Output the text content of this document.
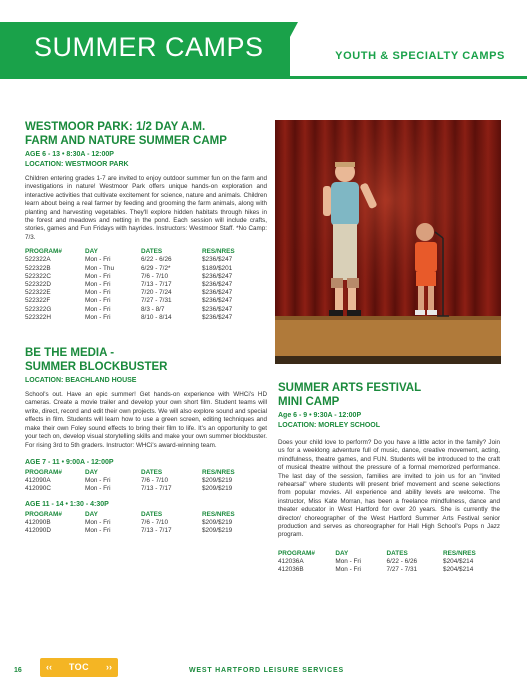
SUMMER CAMPS	YOUTH & SPECIALTY CAMPS
WESTMOOR PARK: 1/2 DAY A.M.
FARM AND NATURE SUMMER CAMP
AGE 6 - 13 • 8:30A - 12:00P
LOCATION: WESTMOOR PARK

Children entering grades 1-7 are invited to enjoy outdoor summer fun on the farm and investigations in nature! Westmoor Park offers unique hands-on exploration and interactive activities that cultivate excitement for science, nature and animals. Children learn about being a real farmer by feeding and grooming the farm animals, along with planting and harvesting vegetables. They'll explore hidden habitats through hikes in the forest and meadows and netting in the pond. Each session will include crafts, stories, games and Fun Fridays with hayrides. Instructors: Westmoor Staff. *No Camp: 7/3.

PROGRAM#	DAY	DATES	RES/NRES
522322A	Mon - Fri	6/22 - 6/26	$236/$247
522322B	Mon - Thu	6/29 - 7/2*	$189/$201
522322C	Mon - Fri	7/6 - 7/10	$236/$247
522322D	Mon - Fri	7/13 - 7/17	$236/$247
522322E	Mon - Fri	7/20 - 7/24	$236/$247
522322F	Mon - Fri	7/27 - 7/31	$236/$247
522322G	Mon - Fri	8/3 - 8/7	$236/$247
522322H	Mon - Fri	8/10 - 8/14	$236/$247
BE THE MEDIA -
SUMMER BLOCKBUSTER
LOCATION: BEACHLAND HOUSE

School's out. Have an epic summer! Get hands-on experience with WHCi's HD cameras. Create a movie trailer and develop your own short film. Student teams will write, direct, record and edit their own projects. We will also explore sound and special effects in film. Students will learn how to use a green screen, editing techniques and make their own Foley sound effects to bring their film to life. It's an opportunity to get your tech on, develop visual storytelling skills and make your own summer blockbuster. For rising 3rd to 5th graders. Instructor: WHCi's award-winning team.

AGE 7 - 11 • 9:00A - 12:00P
PROGRAM#	DAY	DATES	RES/NRES
412090A	Mon - Fri	7/6 - 7/10	$209/$219
412090C	Mon - Fri	7/13 - 7/17	$209/$219
AGE 11 - 14 • 1:30 - 4:30P
PROGRAM#	DAY	DATES	RES/NRES
412090B	Mon - Fri	7/6 - 7/10	$209/$219
412090D	Mon - Fri	7/13 - 7/17	$209/$219
SUMMER ARTS FESTIVAL
MINI CAMP
Age 6 - 9 • 9:30A - 12:00P
LOCATION: MORLEY SCHOOL

Does your child love to perform? Do you have a little actor in the family? Join us for a weeklong adventure full of music, dance, creative movement, acting, mindfulness, theatre games, and FUN. Students will be introduced to the craft of musical theatre without the pressure of a formal memorized performance. The last day of the session, families are invited to join us for an "invited rehearsal" where students will present brief movement and scene selections from popular movies. All experience and ability levels are welcome. The instructor, Miss Kate Morran, has been a freelance mindfulness, dance and theater educator in West Hartford for over 20 years. She is currently the director/ choreographer of the West Hartford Summer Arts Festival senior production and serves as choreographer for Hall High School's Pops n Jazz program.

PROGRAM#	DAY	DATES	RES/NRES
412036A	Mon - Fri	6/22 - 6/26	$204/$214
412036B	Mon - Fri	7/27 - 7/31	$204/$214
16	‹‹	TOC	››	WEST HARTFORD LEISURE SERVICES
